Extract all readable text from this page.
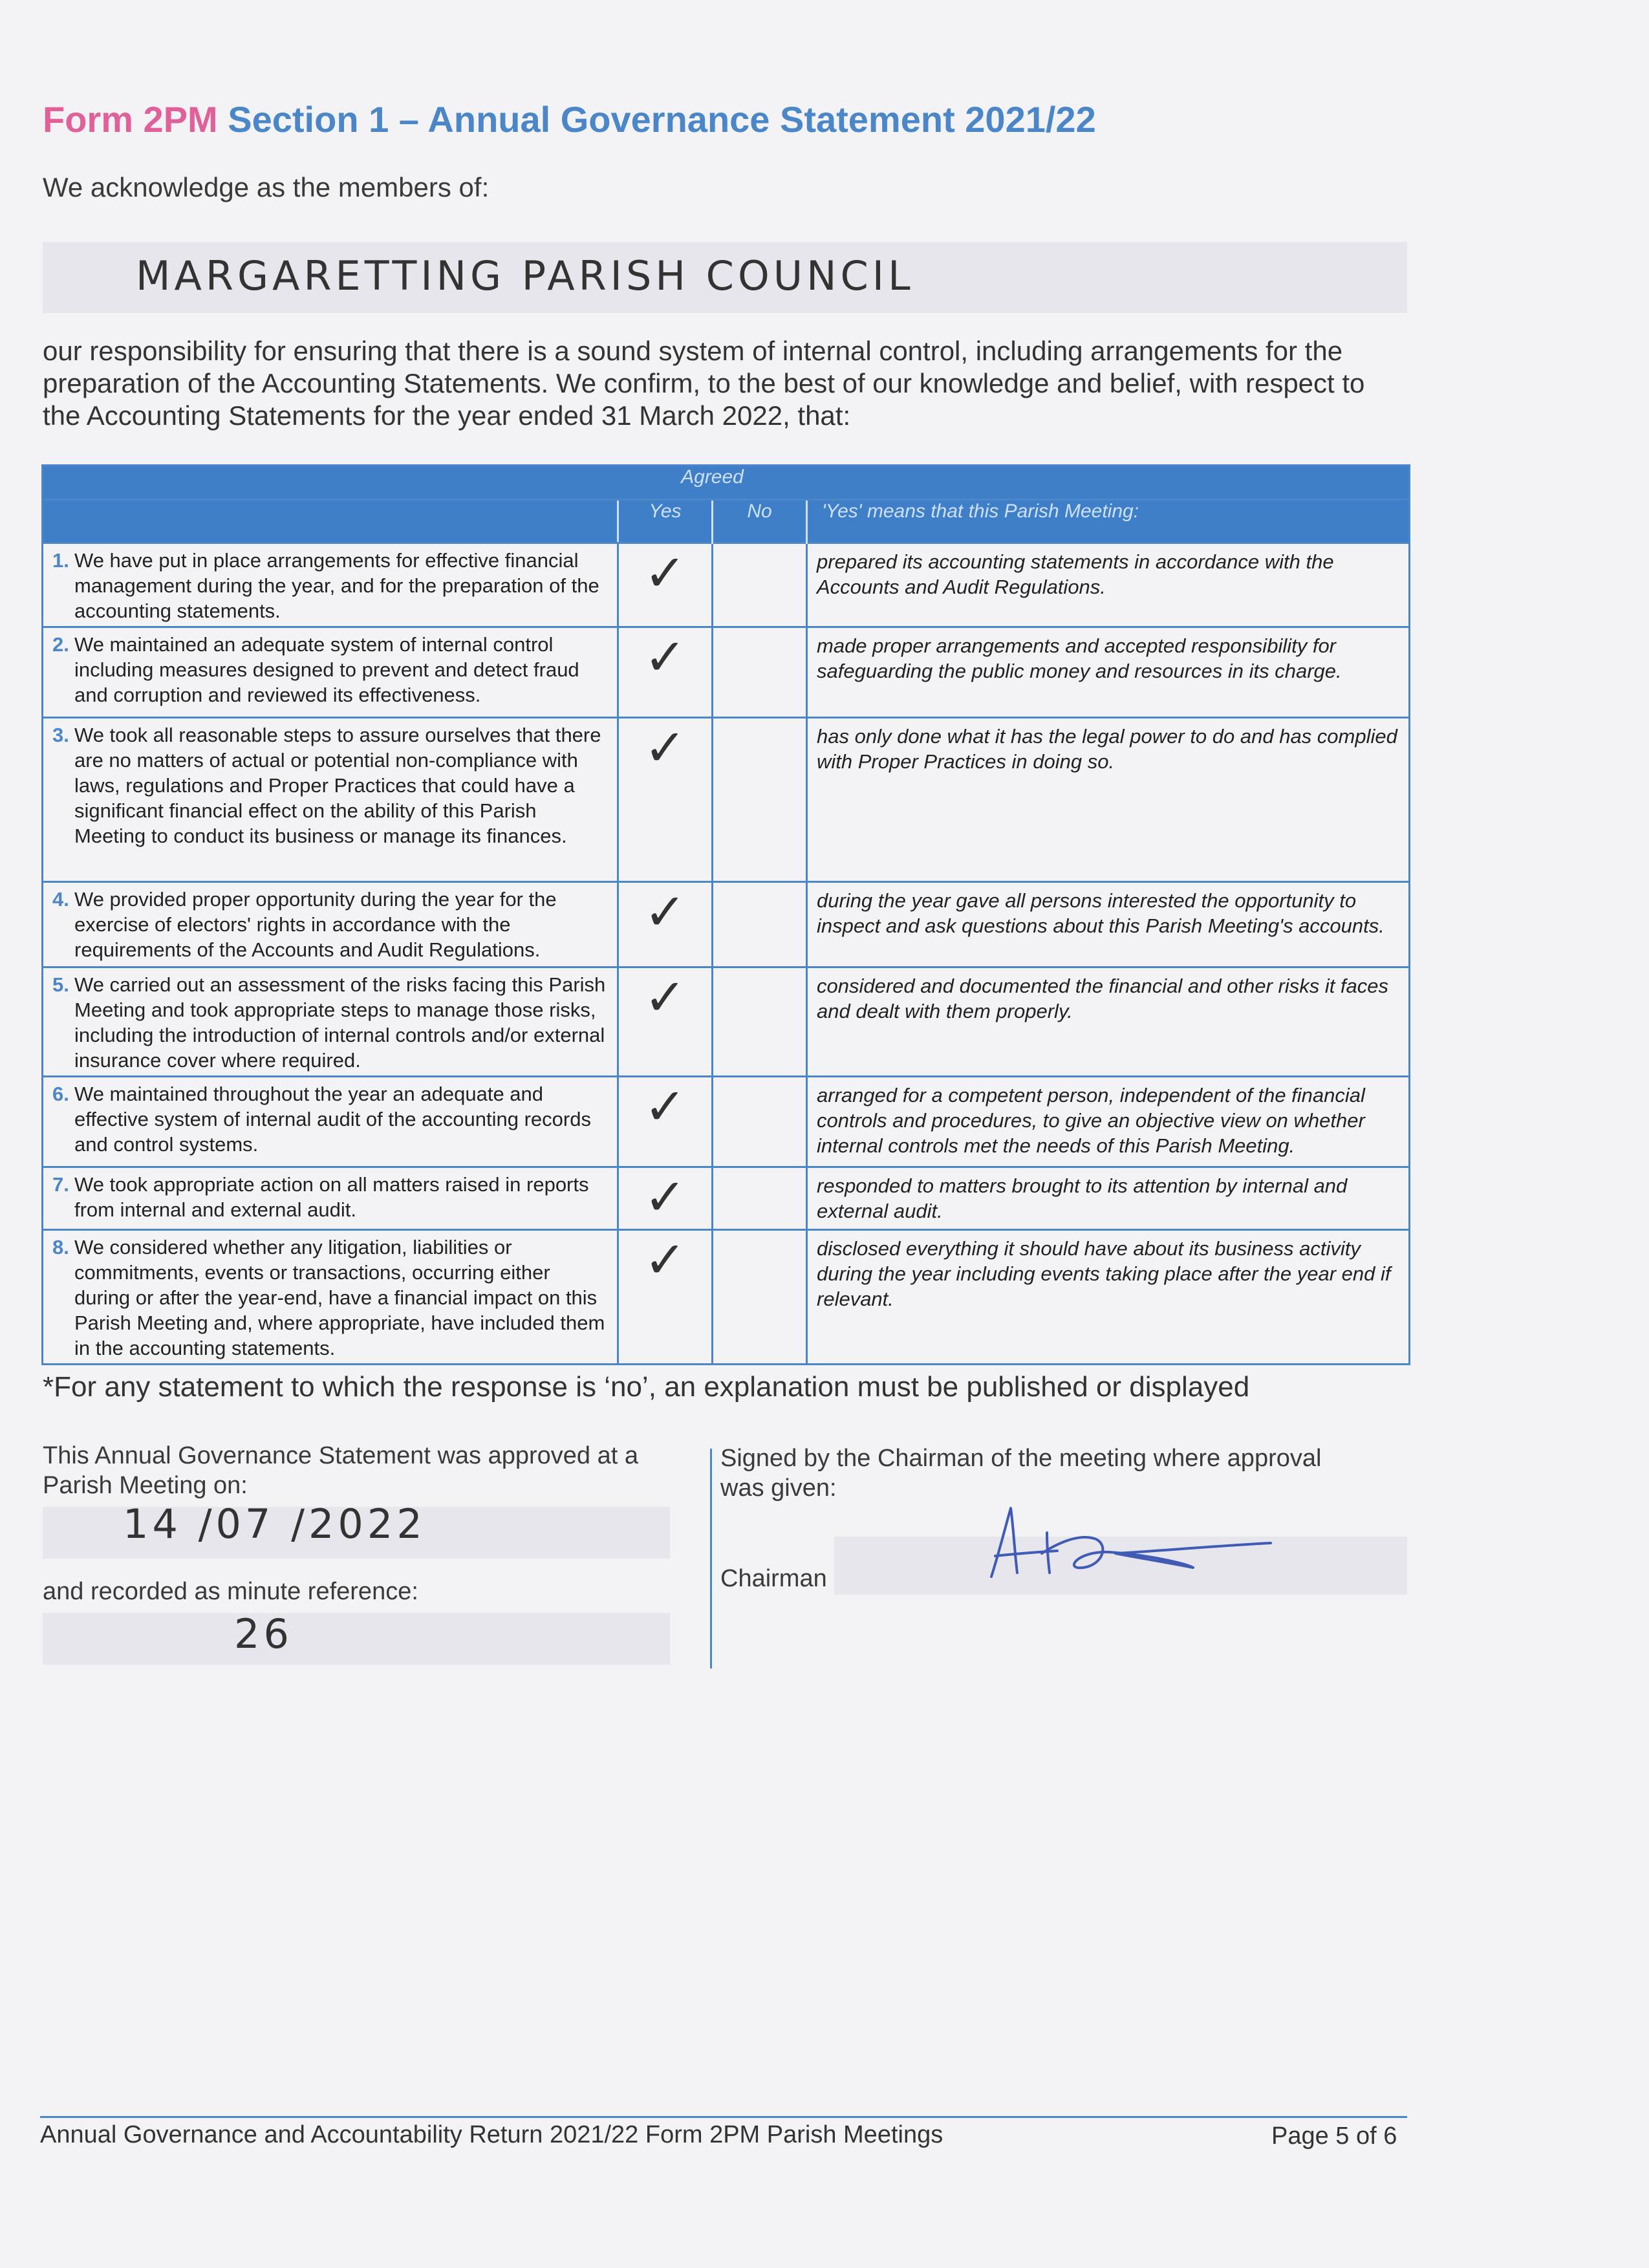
Form 2PM Section 1 – Annual Governance Statement 2021/22
We acknowledge as the members of:
MARGARETTING PARISH COUNCIL
our responsibility for ensuring that there is a sound system of internal control, including arrangements for the preparation of the Accounting Statements. We confirm, to the best of our knowledge and belief, with respect to the Accounting Statements for the year ended 31 March 2022, that:
	Agreed		
	Yes	No	'Yes' means that this Parish Meeting:

1. We have put in place arrangements for effective financial management during the year, and for the preparation of the accounting statements.	✓		prepared its accounting statements in accordance with the Accounts and Audit Regulations.

2. We maintained an adequate system of internal control including measures designed to prevent and detect fraud and corruption and reviewed its effectiveness.	✓		made proper arrangements and accepted responsibility for safeguarding the public money and resources in its charge.

3. We took all reasonable steps to assure ourselves that there are no matters of actual or potential non-compliance with laws, regulations and Proper Practices that could have a significant financial effect on the ability of this Parish Meeting to conduct its business or manage its finances.	✓		has only done what it has the legal power to do and has complied with Proper Practices in doing so.

4. We provided proper opportunity during the year for the exercise of electors' rights in accordance with the requirements of the Accounts and Audit Regulations.	✓		during the year gave all persons interested the opportunity to inspect and ask questions about this Parish Meeting's accounts.

5. We carried out an assessment of the risks facing this Parish Meeting and took appropriate steps to manage those risks, including the introduction of internal controls and/or external insurance cover where required.	✓		considered and documented the financial and other risks it faces and dealt with them properly.

6. We maintained throughout the year an adequate and effective system of internal audit of the accounting records and control systems.	✓		arranged for a competent person, independent of the financial controls and procedures, to give an objective view on whether internal controls met the needs of this Parish Meeting.

7. We took appropriate action on all matters raised in reports from internal and external audit.	✓		responded to matters brought to its attention by internal and external audit.

8. We considered whether any litigation, liabilities or commitments, events or transactions, occurring either during or after the year-end, have a financial impact on this Parish Meeting and, where appropriate, have included them in the accounting statements.	✓		disclosed everything it should have about its business activity during the year including events taking place after the year end if relevant.
*For any statement to which the response is ‘no’, an explanation must be published or displayed
This Annual Governance Statement was approved at a Parish Meeting on:
14 /07 /2022
and recorded as minute reference:
26
Signed by the Chairman of the meeting where approval was given:
Chairman
Annual Governance and Accountability Return 2021/22 Form 2PM Parish Meetings	Page 5 of 6
